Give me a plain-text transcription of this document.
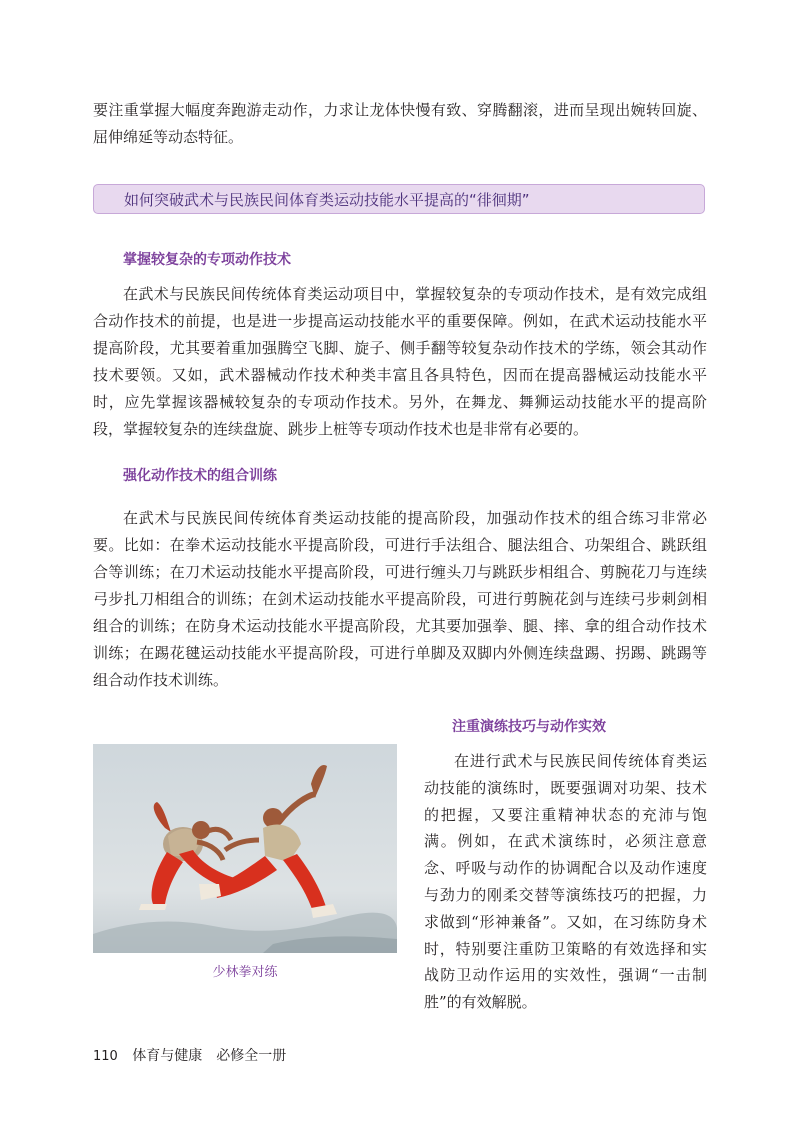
要注重掌握大幅度奔跑游走动作，力求让龙体快慢有致、穿腾翻滚，进而呈现出婉转回旋、屈伸绵延等动态特征。

如何突破武术与民族民间体育类运动技能水平提高的“徘徊期”
掌握较复杂的专项动作技术

在武术与民族民间传统体育类运动项目中，掌握较复杂的专项动作技术，是有效完成组合动作技术的前提，也是进一步提高运动技能水平的重要保障。例如，在武术运动技能水平提高阶段，尤其要着重加强腾空飞脚、旋子、侧手翻等较复杂动作技术的学练，领会其动作技术要领。又如，武术器械动作技术种类丰富且各具特色，因而在提高器械运动技能水平时，应先掌握该器械较复杂的专项动作技术。另外，在舞龙、舞狮运动技能水平的提高阶段，掌握较复杂的连续盘旋、跳步上桩等专项动作技术也是非常有必要的。

强化动作技术的组合训练

在武术与民族民间传统体育类运动技能的提高阶段，加强动作技术的组合练习非常必要。比如：在拳术运动技能水平提高阶段，可进行手法组合、腿法组合、功架组合、跳跃组合等训练；在刀术运动技能水平提高阶段，可进行缠头刀与跳跃步相组合、剪腕花刀与连续弓步扎刀相组合的训练；在剑术运动技能水平提高阶段，可进行剪腕花剑与连续弓步刺剑相组合的训练；在防身术运动技能水平提高阶段，尤其要加强拳、腿、摔、拿的组合动作技术训练；在踢花毽运动技能水平提高阶段，可进行单脚及双脚内外侧连续盘踢、拐踢、跳踢等组合动作技术训练。

注重演练技巧与动作实效

在进行武术与民族民间传统体育类运动技能的演练时，既要强调对功架、技术的把握，又要注重精神状态的充沛与饱满。例如，在武术演练时，必须注意意念、呼吸与动作的协调配合以及动作速度与劲力的刚柔交替等演练技巧的把握，力求做到“形神兼备”。又如，在习练防身术时，特别要注重防卫策略的有效选择和实战防卫动作运用的实效性，强调“一击制胜”的有效解脱。

少林拳对练
110 体育与健康　必修全一册
